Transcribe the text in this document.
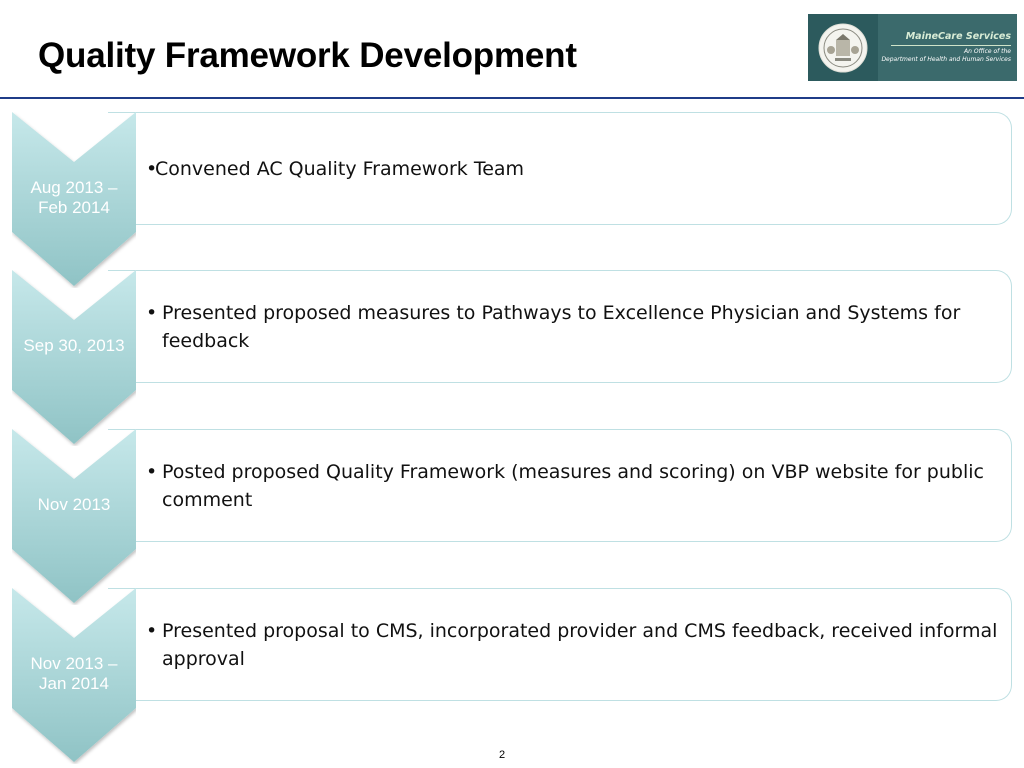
Quality Framework Development	MaineCare Services
An Office of the
Department of Health and Human Services
•
Convened AC Quality Framework Team
Aug 2013 –
Feb 2014
• Presented proposed measures to Pathways to Excellence Physician and Systems for feedback
Sep 30, 2013
• Posted proposed Quality Framework (measures and scoring) on VBP website for public comment
Nov 2013
• Presented proposal to CMS, incorporated provider and CMS feedback, received informal approval
Nov 2013 –
Jan 2014
2
